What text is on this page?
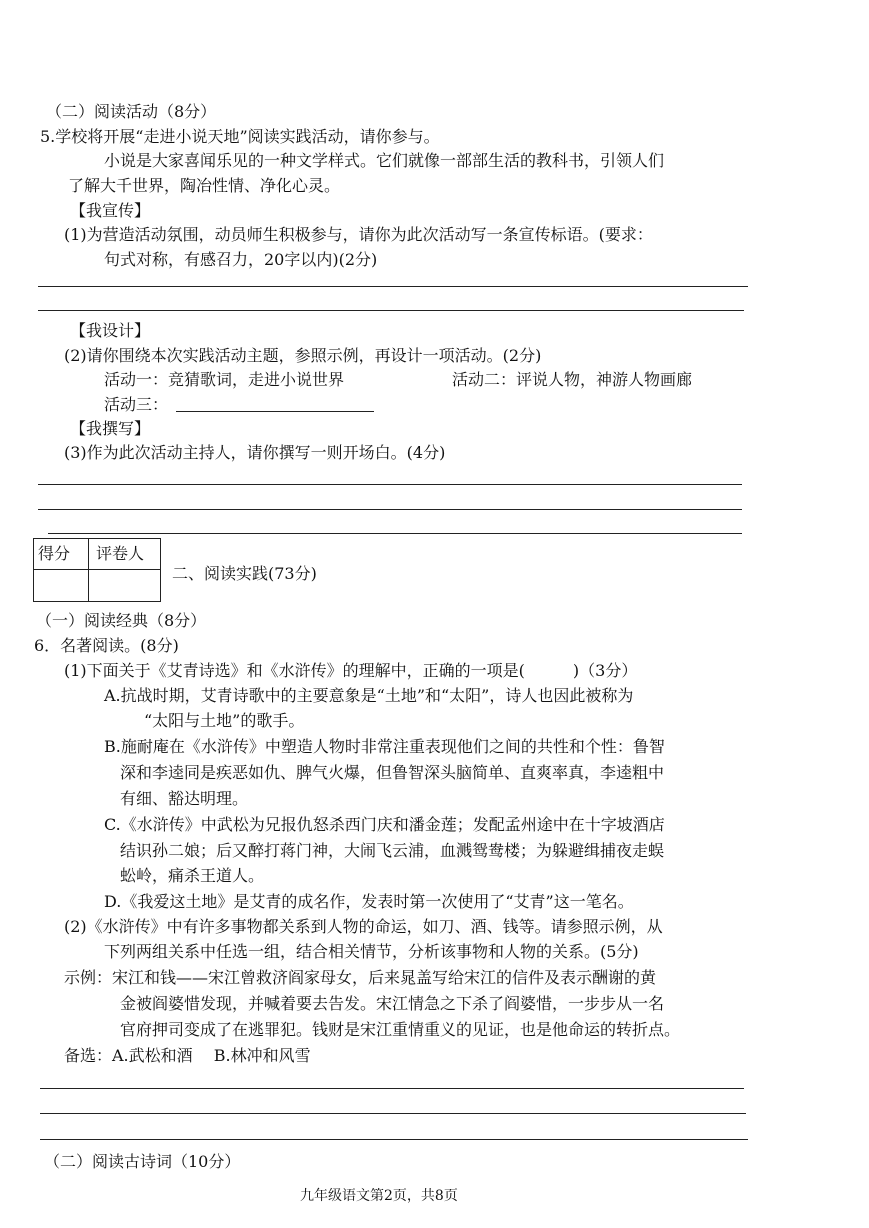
（二）阅读活动（8分）
5.学校将开展“走进小说天地”阅读实践活动，请你参与。
小说是大家喜闻乐见的一种文学样式。它们就像一部部生活的教科书，引领人们
了解大千世界，陶冶性情、净化心灵。
【我宣传】
(1)为营造活动氛围，动员师生积极参与，请你为此次活动写一条宣传标语。(要求：
句式对称，有感召力，20字以内)(2分)
【我设计】
(2)请你围绕本次实践活动主题，参照示例，再设计一项活动。(2分)
活动一：竞猜歌词，走进小说世界	活动二：评说人物，神游人物画廊
活动三：
【我撰写】
(3)作为此次活动主持人，请你撰写一则开场白。(4分)
得分 评卷人
二、阅读实践(73分)
（一）阅读经典（8分）
6．名著阅读。(8分)
(1)下面关于《艾青诗选》和《水浒传》的理解中，正确的一项是(　　　)（3分）
A.抗战时期，艾青诗歌中的主要意象是“土地”和“太阳”，诗人也因此被称为
“太阳与土地”的歌手。
B.施耐庵在《水浒传》中塑造人物时非常注重表现他们之间的共性和个性：鲁智
深和李逵同是疾恶如仇、脾气火爆，但鲁智深头脑简单、直爽率真，李逵粗中
有细、豁达明理。
C.《水浒传》中武松为兄报仇怒杀西门庆和潘金莲；发配孟州途中在十字坡酒店
结识孙二娘；后又醉打蒋门神，大闹飞云浦，血溅鸳鸯楼；为躲避缉捕夜走蜈
蚣岭，痛杀王道人。
D.《我爱这土地》是艾青的成名作，发表时第一次使用了“艾青”这一笔名。
(2)《水浒传》中有许多事物都关系到人物的命运，如刀、酒、钱等。请参照示例，从
下列两组关系中任选一组，结合相关情节，分析该事物和人物的关系。(5分)
示例：宋江和钱——宋江曾救济阎家母女，后来晁盖写给宋江的信件及表示酬谢的黄
金被阎婆惜发现，并喊着要去告发。宋江情急之下杀了阎婆惜，一步步从一名
官府押司变成了在逃罪犯。钱财是宋江重情重义的见证，也是他命运的转折点。
备选：A.武松和酒　 B.林冲和风雪
（二）阅读古诗词（10分）
九年级语文第2页，共8页
